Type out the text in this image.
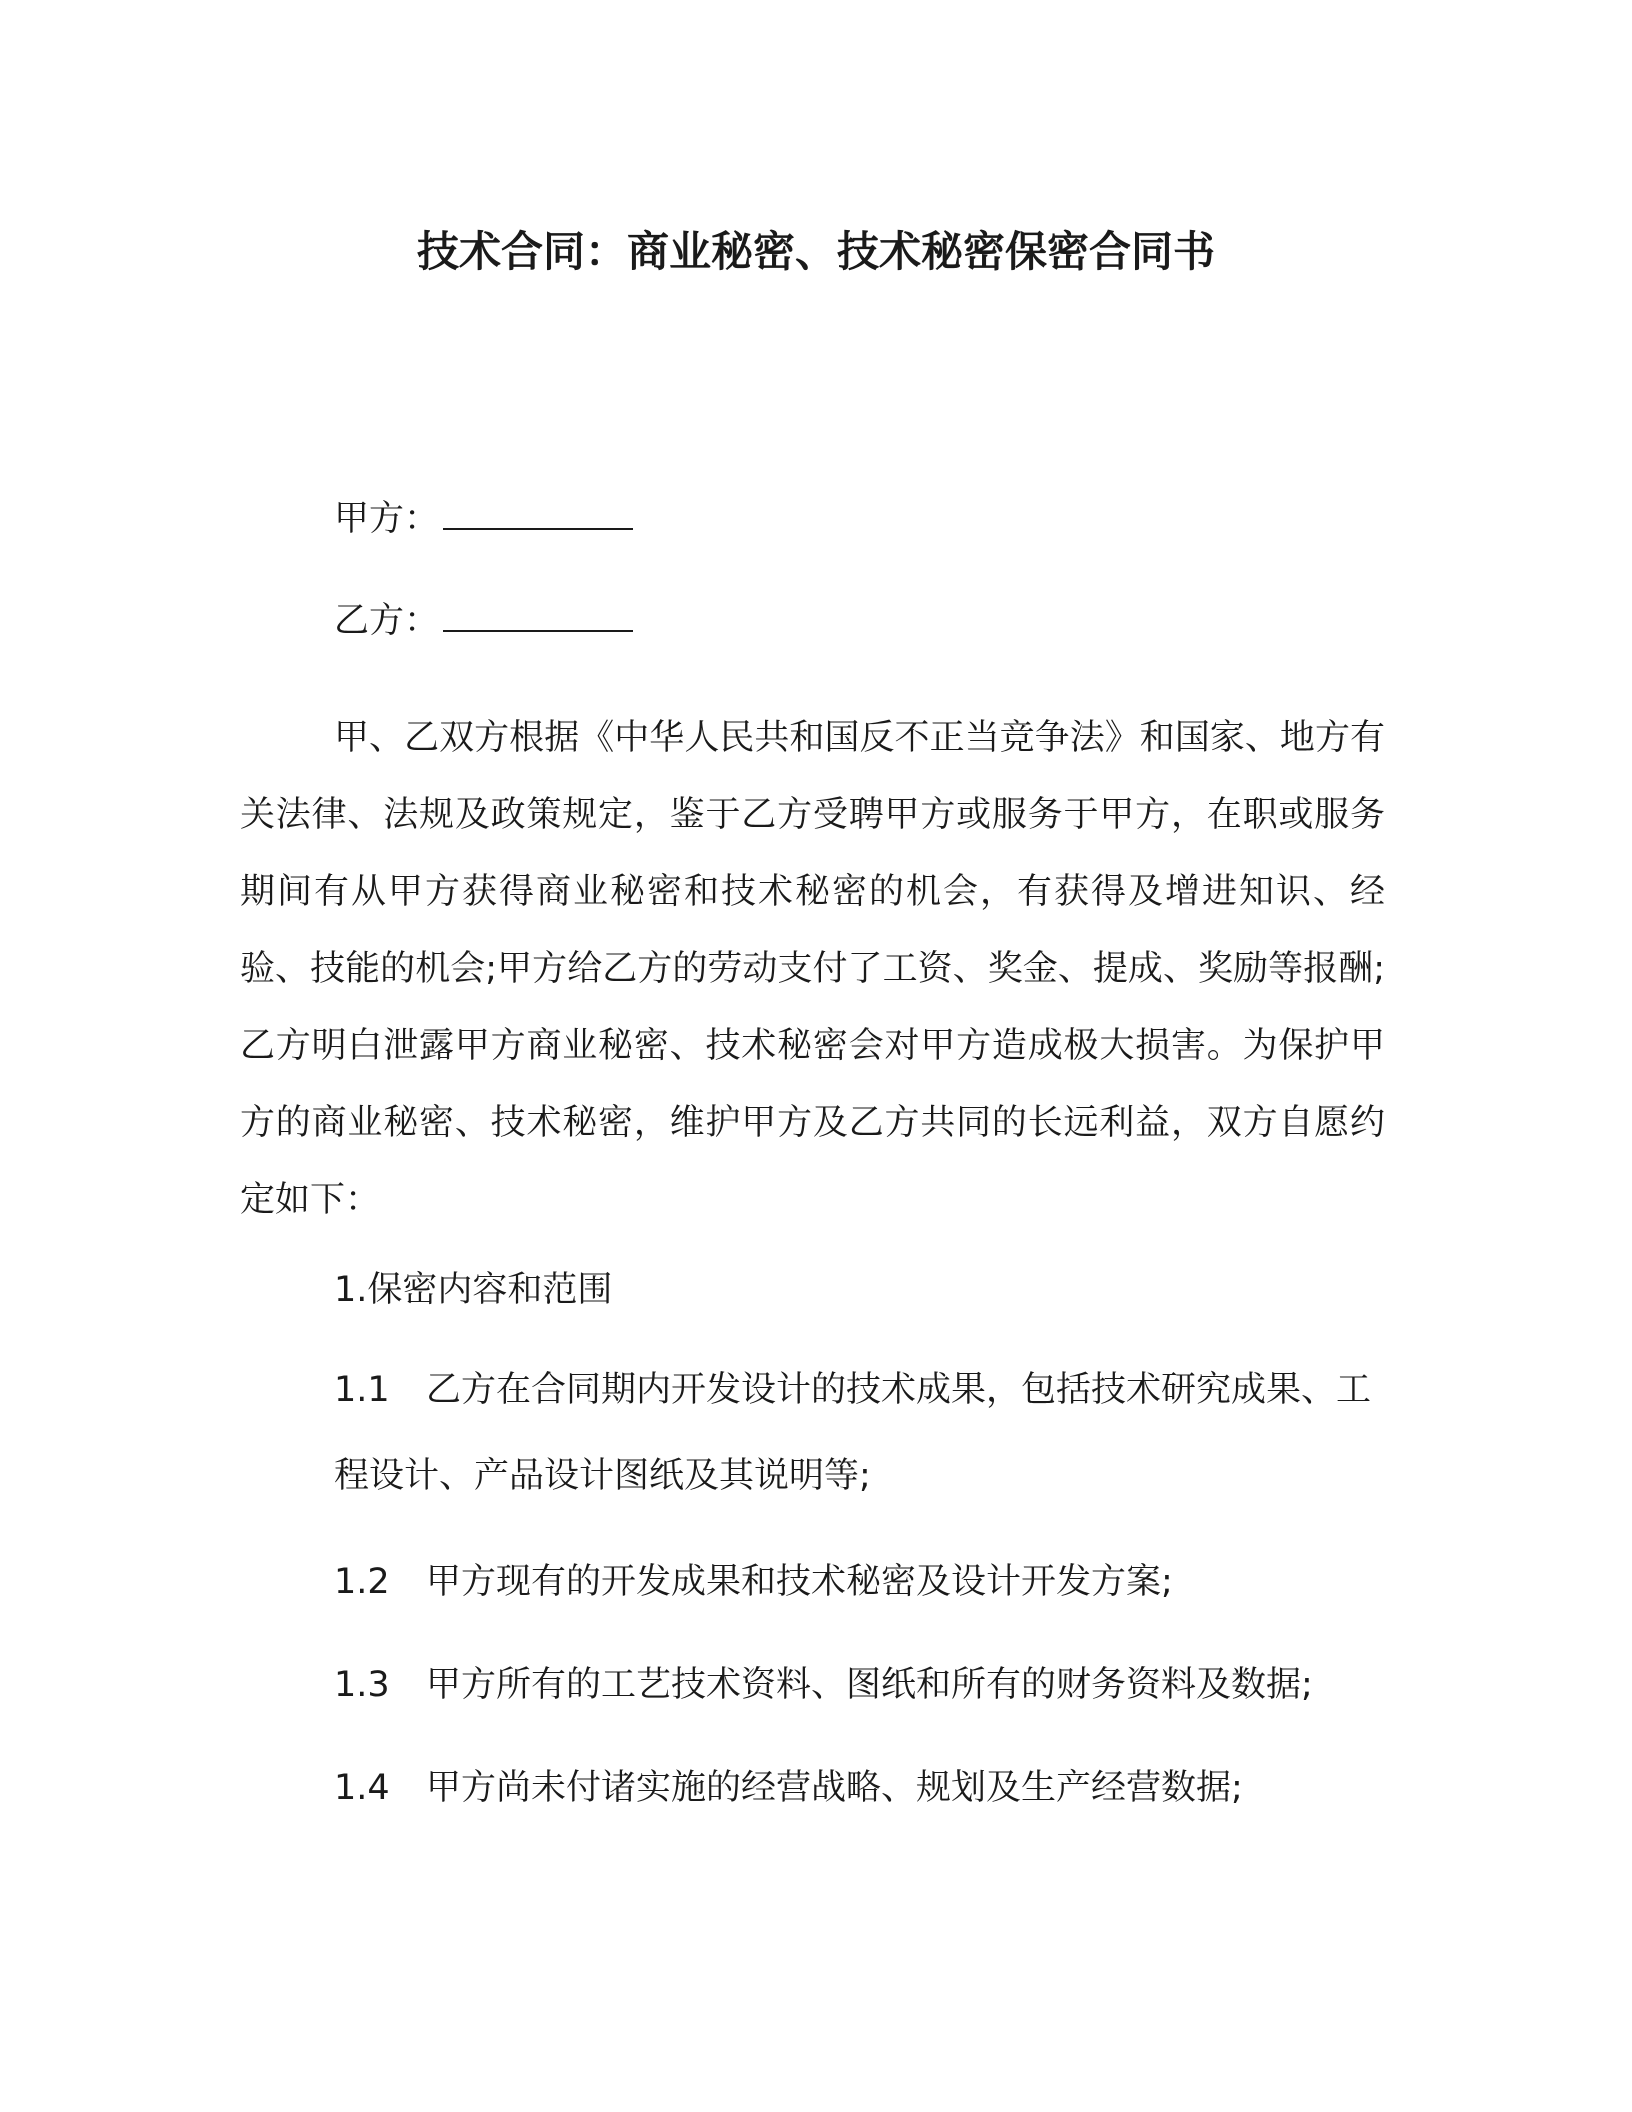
技术合同：商业秘密、技术秘密保密合同书
甲方：
乙方：
甲、乙双方根据《中华人民共和国反不正当竞争法》和国家、地方有关法律、法规及政策规定，鉴于乙方受聘甲方或服务于甲方，在职或服务期间有从甲方获得商业秘密和技术秘密的机会，有获得及增进知识、经验、技能的机会;甲方给乙方的劳动支付了工资、奖金、提成、奖励等报酬;乙方明白泄露甲方商业秘密、技术秘密会对甲方造成极大损害。为保护甲方的商业秘密、技术秘密，维护甲方及乙方共同的长远利益，双方自愿约定如下：
1.保密内容和范围
1.1 乙方在合同期内开发设计的技术成果，包括技术研究成果、工程设计、产品设计图纸及其说明等;
1.2 甲方现有的开发成果和技术秘密及设计开发方案;
1.3 甲方所有的工艺技术资料、图纸和所有的财务资料及数据;
1.4 甲方尚未付诸实施的经营战略、规划及生产经营数据;
